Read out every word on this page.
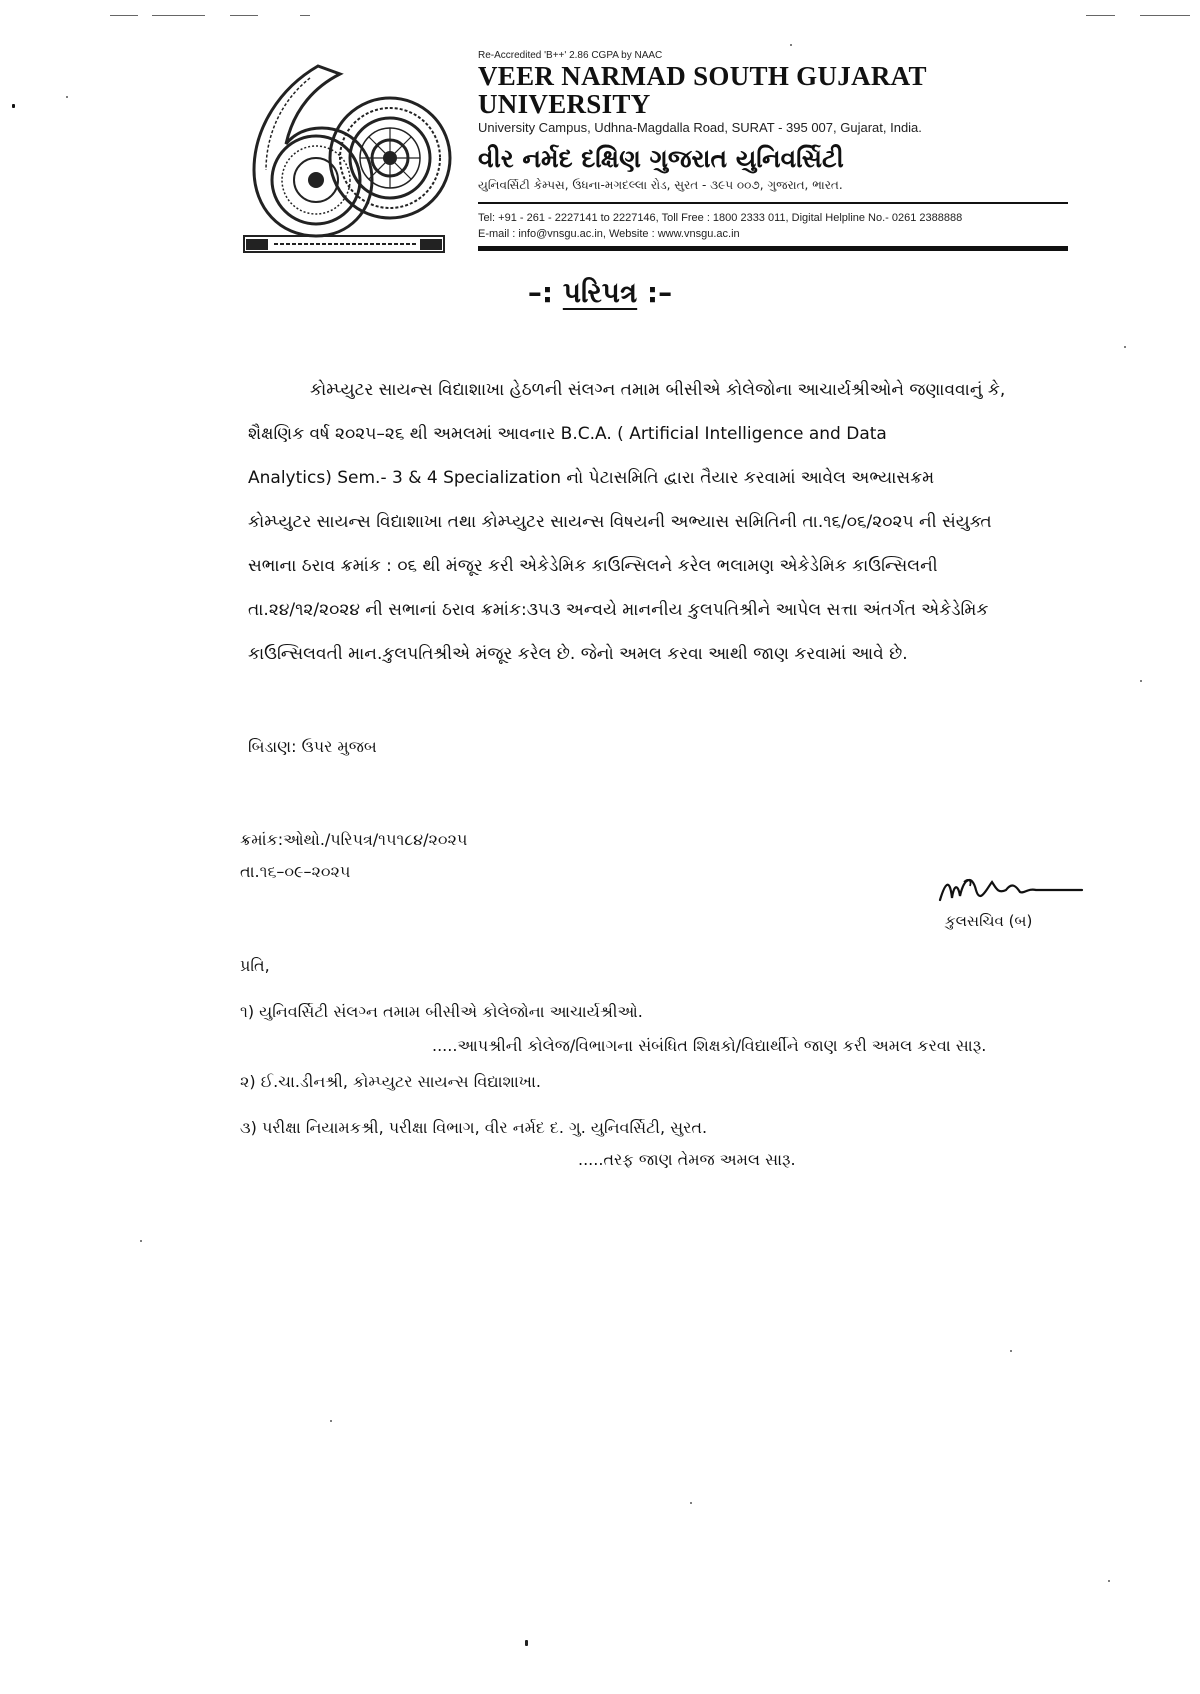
Re-Accredited 'B++' 2.86 CGPA by NAAC
VEER NARMAD SOUTH GUJARAT UNIVERSITY
University Campus, Udhna-Magdalla Road, SURAT - 395 007, Gujarat, India.
વીર નર્મદ દક્ષિણ ગુજરાત યુનિવર્સિટી
યુનિવર્સિટી કેમ્પસ, ઉધના-મગદલ્લા રોડ, સુરત - ૩૯૫ ૦૦૭, ગુજરાત, ભારત.
Tel: +91 - 261 - 2227141 to 2227146, Toll Free : 1800 2333 011, Digital Helpline No.- 0261 2388888
E-mail : info@vnsgu.ac.in, Website : www.vnsgu.ac.in
–: પરિપત્ર :–
કોમ્પ્યુટર સાયન્સ વિદ્યાશાખા હેઠળની સંલગ્ન તમામ બીસીએ કોલેજોના આચાર્યશ્રીઓને જણાવવાનું કે,
શૈક્ષણિક વર્ષ ૨૦૨૫–૨૬ થી અમલમાં આવનાર B.C.A. ( Artificial Intelligence and Data
Analytics) Sem.- 3 & 4 Specialization નો પેટાસમિતિ દ્વારા તૈયાર કરવામાં આવેલ અભ્યાસક્રમ
કોમ્પ્યુટર સાયન્સ વિદ્યાશાખા તથા કોમ્પ્યુટર સાયન્સ વિષયની અભ્યાસ સમિતિની તા.૧૬/૦૬/૨૦૨૫ ની સંયુક્ત
સભાના ઠરાવ ક્રમાંક : ૦૬ થી મંજૂર કરી એકેડેમિક કાઉન્સિલને કરેલ ભલામણ એકેડેમિક કાઉન્સિલની
તા.૨૪/૧૨/૨૦૨૪ ની સભાનાં ઠરાવ ક્રમાંક:૩૫૩ અન્વયે માનનીય કુલપતિશ્રીને આપેલ સત્તા અંતર્ગત એકેડેમિક
કાઉન્સિલવતી માન.કુલપતિશ્રીએ મંજૂર કરેલ છે. જેનો અમલ કરવા આથી જાણ કરવામાં આવે છે.
બિડાણ: ઉપર મુજબ
ક્રમાંક:ઓથો./પરિપત્ર/૧૫૧૮૪/૨૦૨૫
તા.૧૬–૦૯–૨૦૨૫
કુલસચિવ (બ)
પ્રતિ,
૧) યુનિવર્સિટી સંલગ્ન તમામ બીસીએ કોલેજોના આચાર્યશ્રીઓ.
.....આપશ્રીની કોલેજ/વિભાગના સંબંધિત શિક્ષકો/વિદ્યાર્થીને જાણ કરી અમલ કરવા સારૂ.
૨) ઈ.ચા.ડીનશ્રી, કોમ્પ્યુટર સાયન્સ વિદ્યાશાખા.
૩) પરીક્ષા નિયામકશ્રી, પરીક્ષા વિભાગ, વીર નર્મદ દ. ગુ. યુનિવર્સિટી, સુરત.
.....તરફ જાણ તેમજ અમલ સારૂ.
